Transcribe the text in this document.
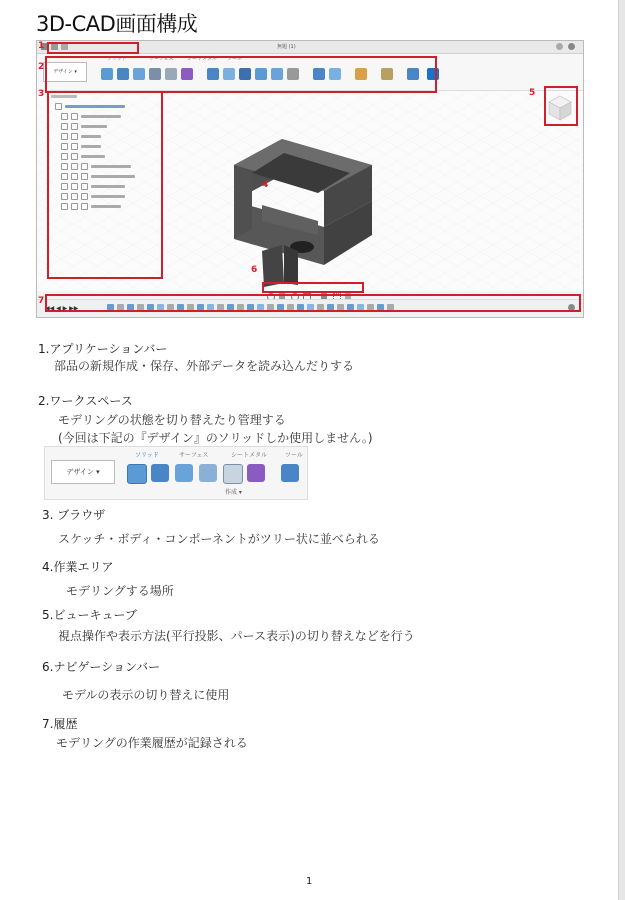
3D-CAD画面構成
無題 (1)
デザイン ▾
ソリッド	サーフェス	シートメタル ツール
◀◀ ◀ ▶ ▶▶
1
2
3
4
5
6
7
1.アプリケーションバー
部品の新規作成・保存、外部データを読み込んだりする
2.ワークスペース
モデリングの状態を切り替えたり管理する
(今回は下記の『デザイン』のソリッドしか使用しません。)
デザイン ▾
ソリッド	サーフェス	シートメタル	ツール
作成 ▾
3. ブラウザ
スケッチ・ボディ・コンポーネントがツリー状に並べられる
4.作業エリア
モデリングする場所
5.ビューキューブ
視点操作や表示方法(平行投影、パース表示)の切り替えなどを行う
6.ナビゲーションバー
モデルの表示の切り替えに使用
7.履歴
モデリングの作業履歴が記録される
1
